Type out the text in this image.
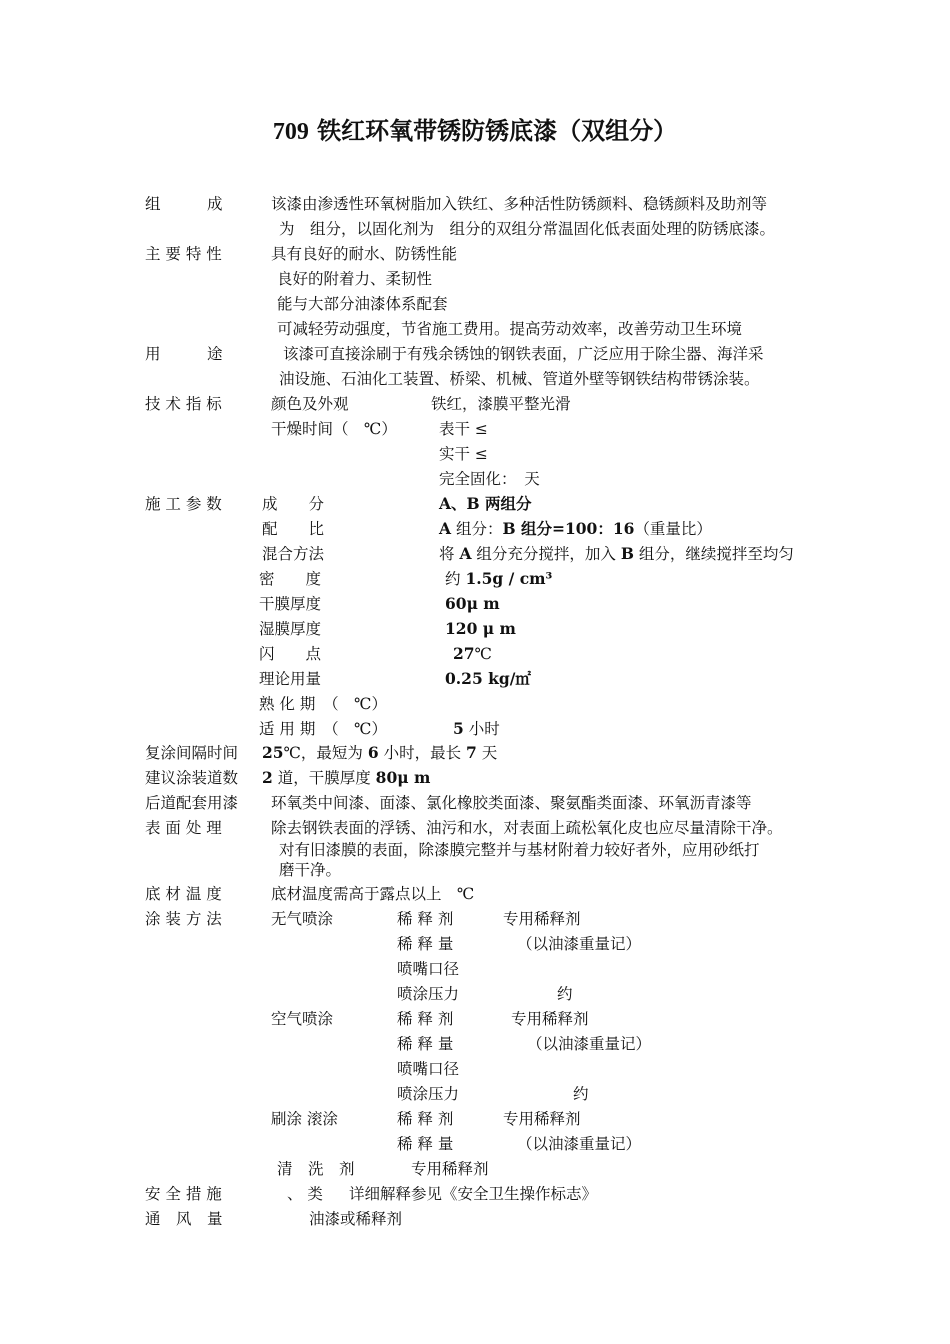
709 铁红环氧带锈防锈底漆（双组分）
组　　　成	该漆由渗透性环氧树脂加入铁红、多种活性防锈颜料、稳锈颜料及助剂等
为　组分，以固化剂为　组分的双组分常温固化低表面处理的防锈底漆。
主 要 特 性	具有良好的耐水、防锈性能
良好的附着力、柔韧性
能与大部分油漆体系配套
可减轻劳动强度，节省施工费用。提高劳动效率，改善劳动卫生环境
用　　　途	该漆可直接涂刷于有残余锈蚀的钢铁表面，广泛应用于除尘器、海洋采
油设施、石油化工装置、桥梁、机械、管道外壁等钢铁结构带锈涂装。
技 术 指 标	颜色及外观	铁红，漆膜平整光滑
干燥时间（　℃）	表干 ≤
实干 ≤
完全固化：　天
施 工 参 数	成　　分	A、B 两组分
配　　比	A 组分：B 组分=100：16（重量比）
混合方法	将 A 组分充分搅拌，加入 B 组分，继续搅拌至均匀
密　　度	约 1.5g / cm³
干膜厚度	60μ m
湿膜厚度	120 μ m
闪　　点	27℃
理论用量	0.25 kg/㎡
熟 化 期　（　℃）
适 用 期　（　℃）	5 小时
复涂间隔时间 25℃，最短为 6 小时，最长 7 天
建议涂装道数 2 道，干膜厚度 80μ m
后道配套用漆 环氧类中间漆、面漆、氯化橡胶类面漆、聚氨酯类面漆、环氧沥青漆等
表 面 处 理	除去钢铁表面的浮锈、油污和水，对表面上疏松氧化皮也应尽量清除干净。
对有旧漆膜的表面，除漆膜完整并与基材附着力较好者外，应用砂纸打
磨干净。
底 材 温 度	底材温度需高于露点以上　℃
涂 装 方 法	无气喷涂	稀 释 剂	专用稀释剂
稀 释 量	（以油漆重量记）
喷嘴口径
喷涂压力	约
空气喷涂	稀 释 剂	专用稀释剂
稀 释 量	（以油漆重量记）
喷嘴口径
喷涂压力	约
刷涂 滚涂	稀 释 剂	专用稀释剂
稀 释 量	（以油漆重量记）
清　洗　剂	专用稀释剂
安 全 措 施	、 类 详细解释参见《安全卫生操作标志》
通　风　量	油漆或稀释剂
